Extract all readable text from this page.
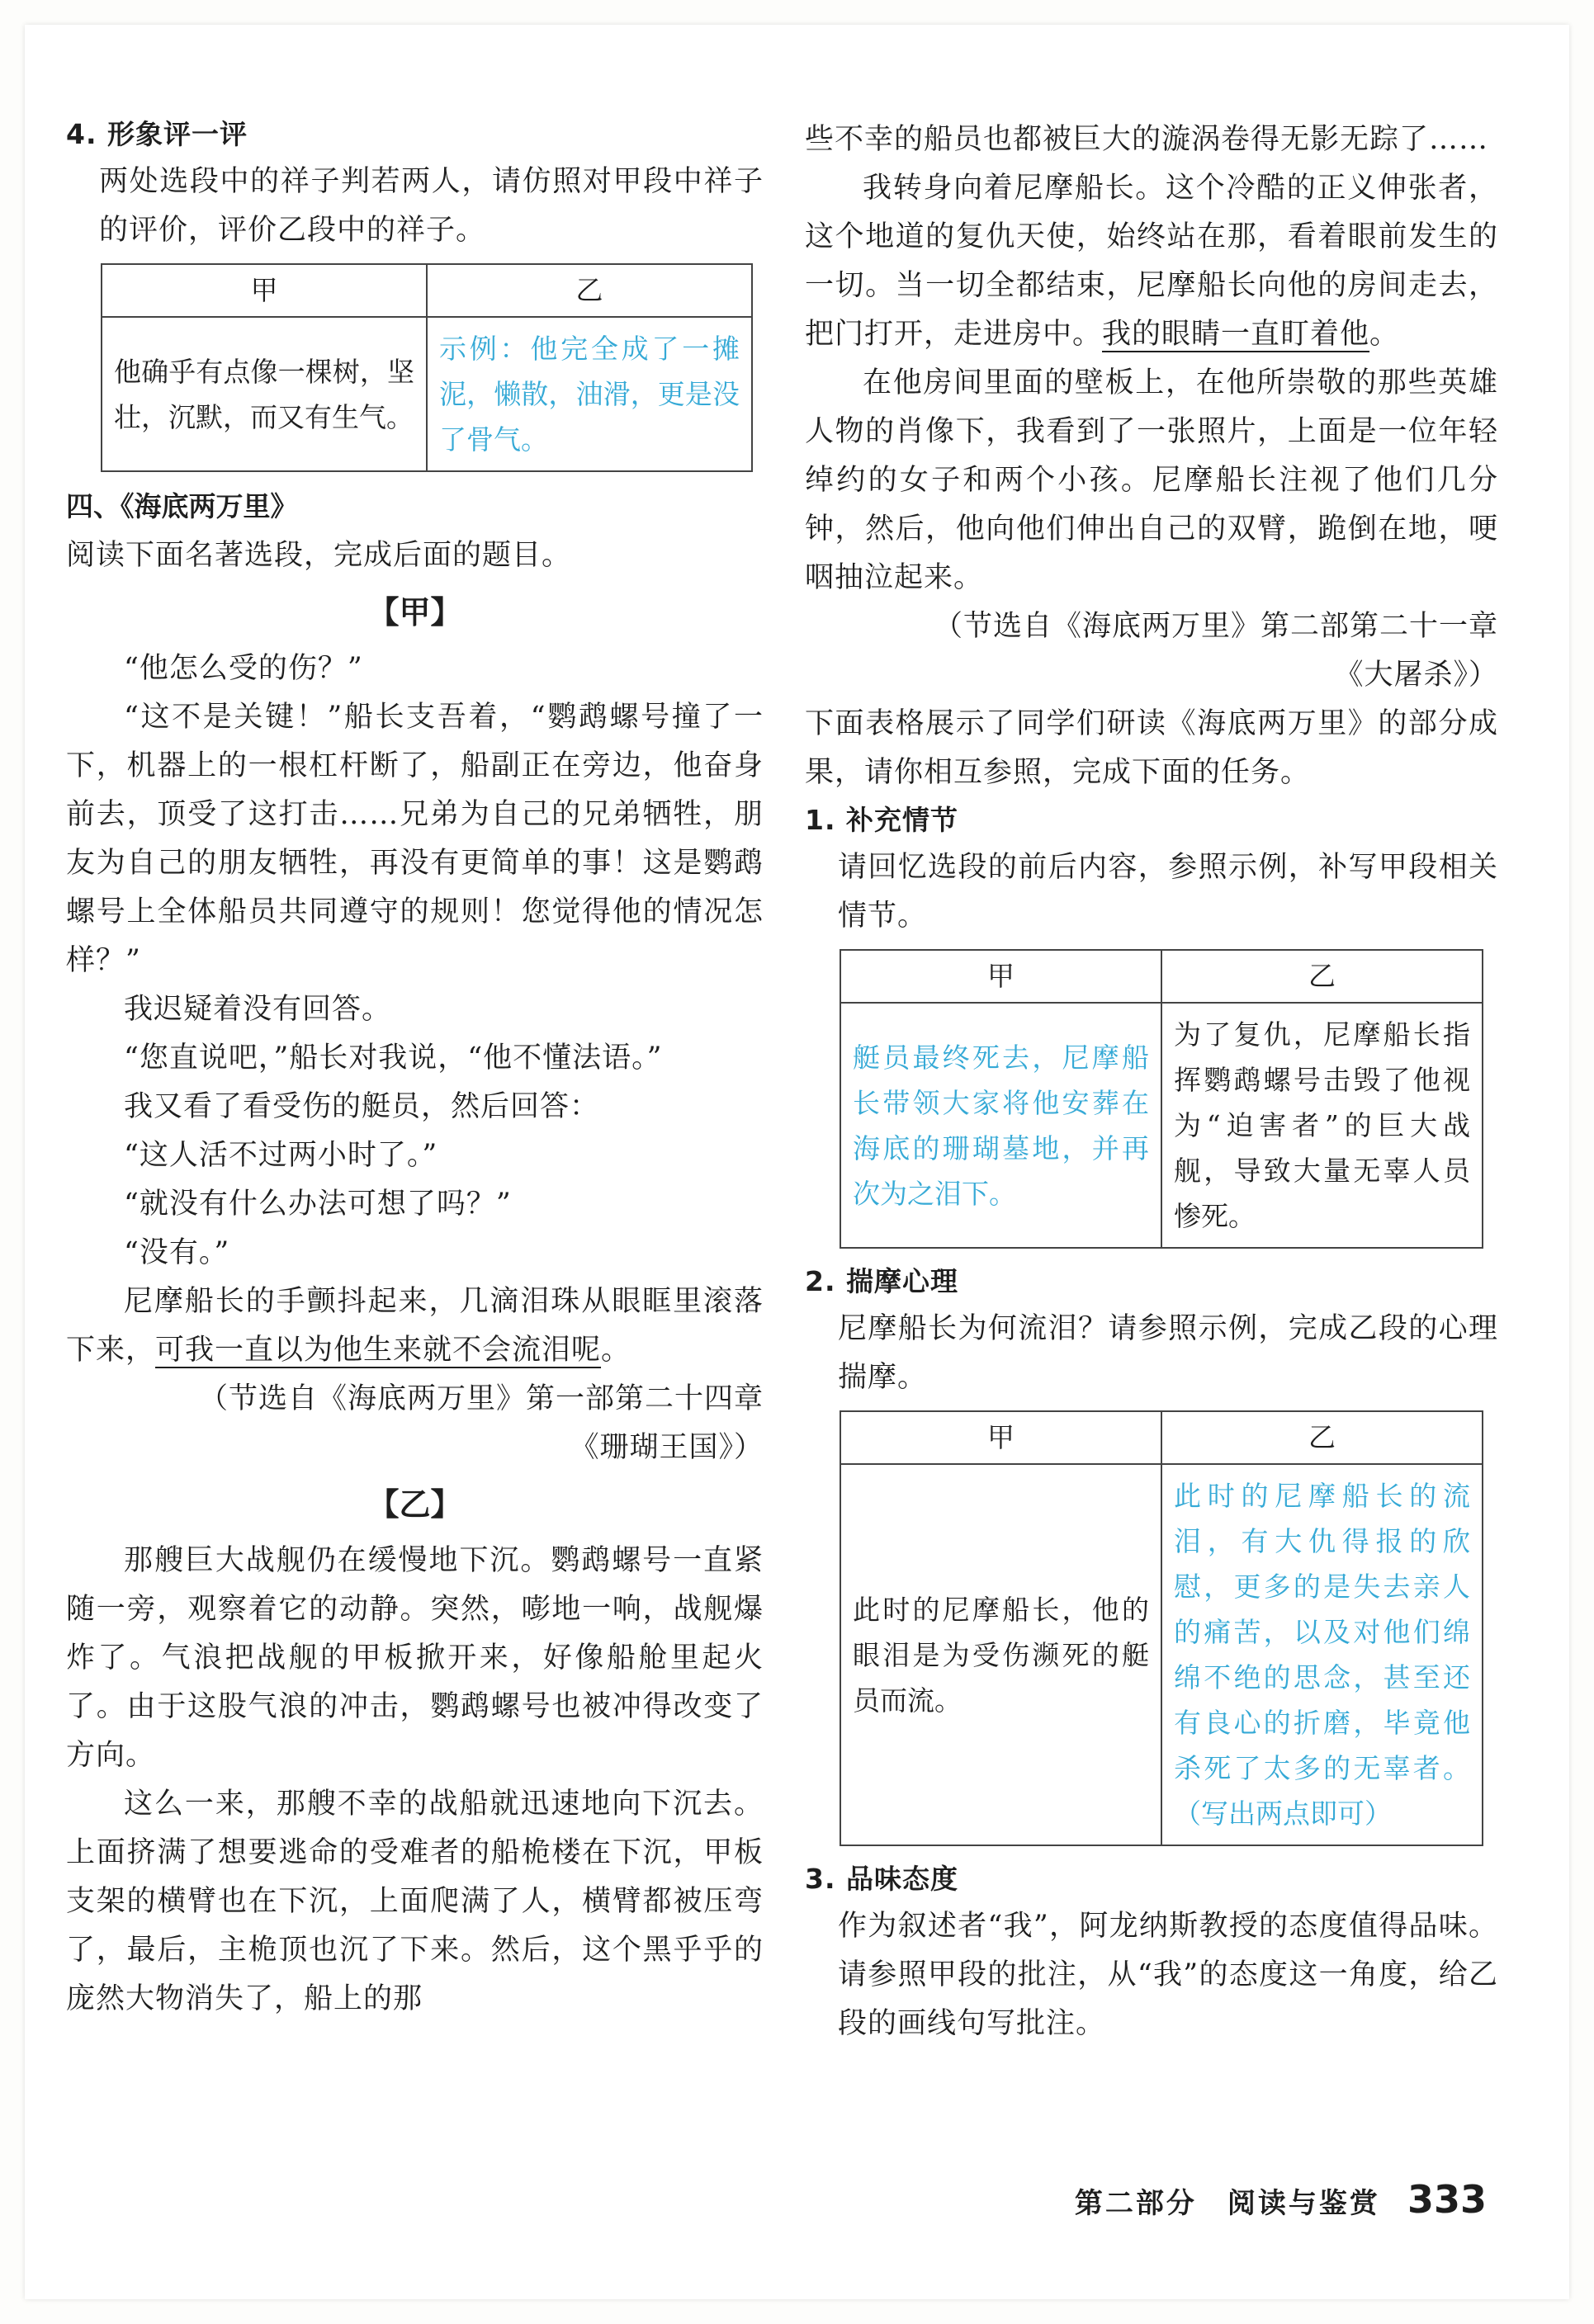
4. 形象评一评

两处选段中的祥子判若两人，请仿照对甲段中祥子的评价，评价乙段中的祥子。

甲	乙
他确乎有点像一棵树，坚壮，沉默，而又有生气。	示例：他完全成了一摊泥，懒散，油滑，更是没了骨气。

四、《海底两万里》

阅读下面名著选段，完成后面的题目。

【甲】

“他怎么受的伤？”

“这不是关键！”船长支吾着，“鹦鹉螺号撞了一下，机器上的一根杠杆断了，船副正在旁边，他奋身前去，顶受了这打击……兄弟为自己的兄弟牺牲，朋友为自己的朋友牺牲，再没有更简单的事！这是鹦鹉螺号上全体船员共同遵守的规则！您觉得他的情况怎样？”

我迟疑着没有回答。

“您直说吧，”船长对我说，“他不懂法语。”

我又看了看受伤的艇员，然后回答：

“这人活不过两小时了。”

“就没有什么办法可想了吗？”

“没有。”

尼摩船长的手颤抖起来，几滴泪珠从眼眶里滚落下来，可我一直以为他生来就不会流泪呢。

（节选自《海底两万里》第一部第二十四章

《珊瑚王国》）

【乙】

那艘巨大战舰仍在缓慢地下沉。鹦鹉螺号一直紧随一旁，观察着它的动静。突然，嘭地一响，战舰爆炸了。气浪把战舰的甲板掀开来，好像船舱里起火了。由于这股气浪的冲击，鹦鹉螺号也被冲得改变了方向。

这么一来，那艘不幸的战船就迅速地向下沉去。上面挤满了想要逃命的受难者的船桅楼在下沉，甲板支架的横臂也在下沉，上面爬满了人，横臂都被压弯了，最后，主桅顶也沉了下来。然后，这个黑乎乎的庞然大物消失了，船上的那

些不幸的船员也都被巨大的漩涡卷得无影无踪了……

我转身向着尼摩船长。这个冷酷的正义伸张者，这个地道的复仇天使，始终站在那，看着眼前发生的一切。当一切全都结束，尼摩船长向他的房间走去，把门打开，走进房中。我的眼睛一直盯着他。

在他房间里面的壁板上，在他所崇敬的那些英雄人物的肖像下，我看到了一张照片，上面是一位年轻绰约的女子和两个小孩。尼摩船长注视了他们几分钟，然后，他向他们伸出自己的双臂，跪倒在地，哽咽抽泣起来。

（节选自《海底两万里》第二部第二十一章

《大屠杀》）

下面表格展示了同学们研读《海底两万里》的部分成果，请你相互参照，完成下面的任务。

1. 补充情节

请回忆选段的前后内容，参照示例，补写甲段相关情节。

甲	乙
艇员最终死去，尼摩船长带领大家将他安葬在海底的珊瑚墓地，并再次为之泪下。	为了复仇，尼摩船长指挥鹦鹉螺号击毁了他视为“迫害者”的巨大战舰，导致大量无辜人员惨死。

2. 揣摩心理

尼摩船长为何流泪？请参照示例，完成乙段的心理揣摩。

甲	乙
此时的尼摩船长，他的眼泪是为受伤濒死的艇员而流。	此时的尼摩船长的流泪，有大仇得报的欣慰，更多的是失去亲人的痛苦，以及对他们绵绵不绝的思念，甚至还有良心的折磨，毕竟他杀死了太多的无辜者。（写出两点即可）

3. 品味态度

作为叙述者“我”，阿龙纳斯教授的态度值得品味。请参照甲段的批注，从“我”的态度这一角度，给乙段的画线句写批注。

第二部分　阅读与鉴赏 333
